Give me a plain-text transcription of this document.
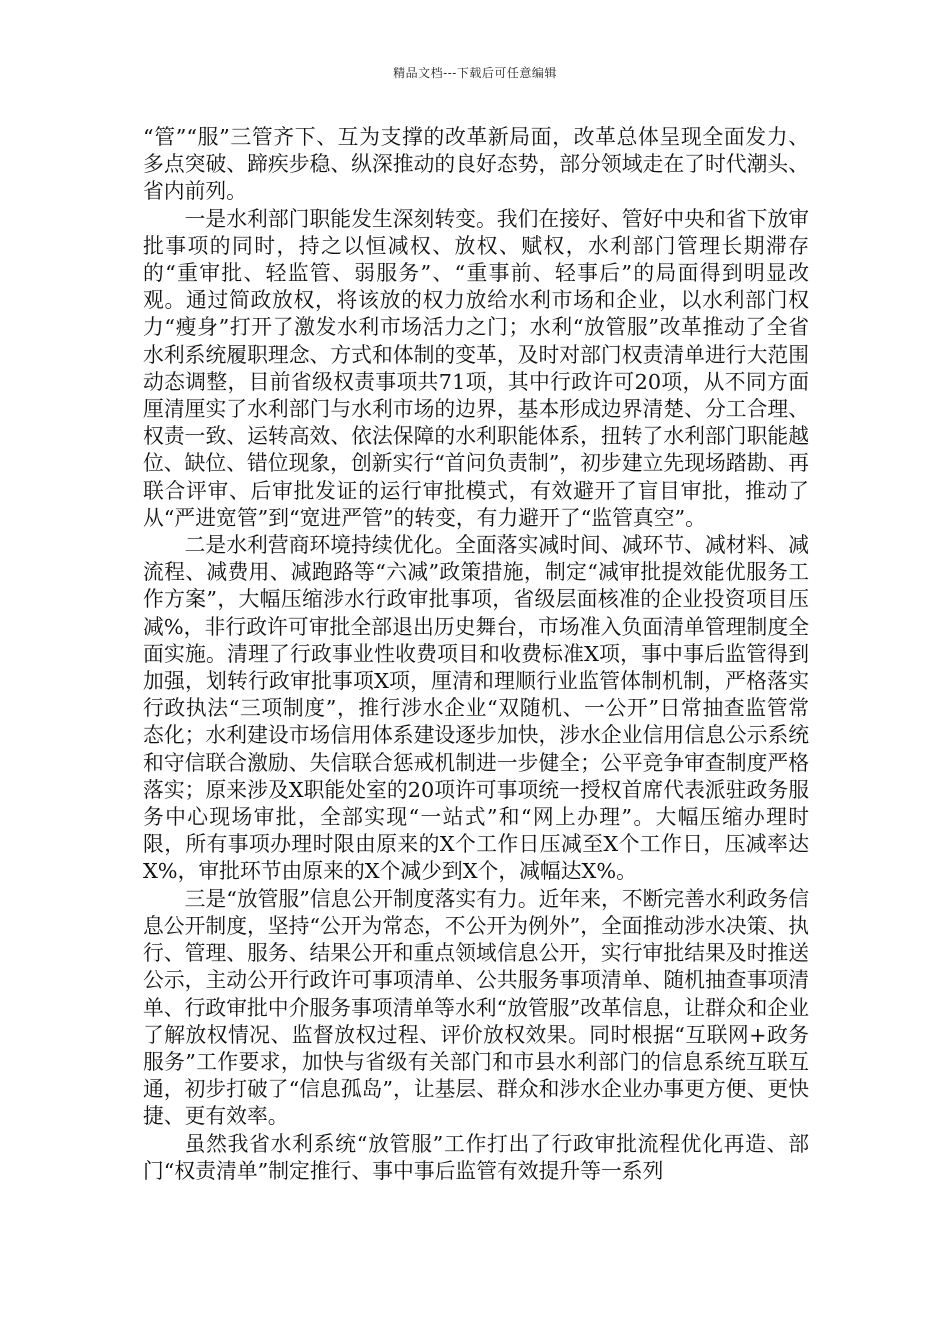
精品文档---下载后可任意编辑

“管”“服”三管齐下、互为支撑的改革新局面，改革总体呈现全面发力、多点突破、蹄疾步稳、纵深推动的良好态势，部分领域走在了时代潮头、省内前列。

一是水利部门职能发生深刻转变。我们在接好、管好中央和省下放审批事项的同时，持之以恒减权、放权、赋权，水利部门管理长期滞存的“重审批、轻监管、弱服务”、“重事前、轻事后”的局面得到明显改观。通过简政放权，将该放的权力放给水利市场和企业，以水利部门权力“瘦身”打开了激发水利市场活力之门；水利“放管服”改革推动了全省水利系统履职理念、方式和体制的变革，及时对部门权责清单进行大范围动态调整，目前省级权责事项共71项，其中行政许可20项，从不同方面厘清厘实了水利部门与水利市场的边界，基本形成边界清楚、分工合理、权责一致、运转高效、依法保障的水利职能体系，扭转了水利部门职能越位、缺位、错位现象，创新实行“首问负责制”，初步建立先现场踏勘、再联合评审、后审批发证的运行审批模式，有效避开了盲目审批，推动了从“严进宽管”到“宽进严管”的转变，有力避开了“监管真空”。

二是水利营商环境持续优化。全面落实减时间、减环节、减材料、减流程、减费用、减跑路等“六减”政策措施，制定“减审批提效能优服务工作方案”，大幅压缩涉水行政审批事项，省级层面核准的企业投资项目压减%，非行政许可审批全部退出历史舞台，市场准入负面清单管理制度全面实施。清理了行政事业性收费项目和收费标准X项，事中事后监管得到加强，划转行政审批事项X项，厘清和理顺行业监管体制机制，严格落实行政执法“三项制度”，推行涉水企业“双随机、一公开”日常抽查监管常态化；水利建设市场信用体系建设逐步加快，涉水企业信用信息公示系统和守信联合激励、失信联合惩戒机制进一步健全；公平竞争审查制度严格落实；原来涉及X职能处室的20项许可事项统一授权首席代表派驻政务服务中心现场审批，全部实现“一站式”和“网上办理”。大幅压缩办理时限，所有事项办理时限由原来的X个工作日压减至X个工作日，压减率达X%，审批环节由原来的X个减少到X个，减幅达X%。

三是“放管服”信息公开制度落实有力。近年来，不断完善水利政务信息公开制度，坚持“公开为常态，不公开为例外”，全面推动涉水决策、执行、管理、服务、结果公开和重点领域信息公开，实行审批结果及时推送公示，主动公开行政许可事项清单、公共服务事项清单、随机抽查事项清单、行政审批中介服务事项清单等水利“放管服”改革信息，让群众和企业了解放权情况、监督放权过程、评价放权效果。同时根据“互联网+政务服务”工作要求，加快与省级有关部门和市县水利部门的信息系统互联互通，初步打破了“信息孤岛”，让基层、群众和涉水企业办事更方便、更快捷、更有效率。

虽然我省水利系统“放管服”工作打出了行政审批流程优化再造、部门“权责清单”制定推行、事中事后监管有效提升等一系列
